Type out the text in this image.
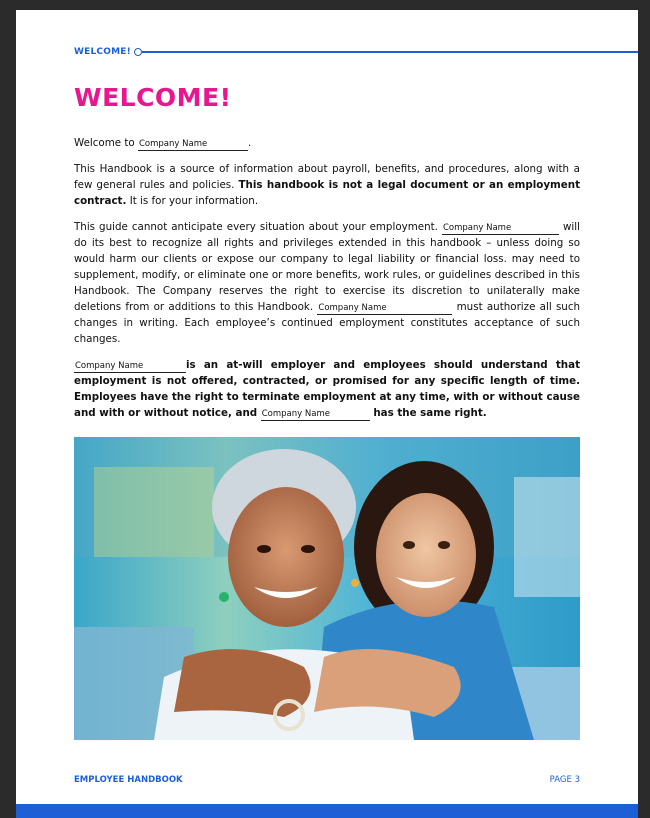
WELCOME!
WELCOME!

Welcome to Company Name	.

This Handbook is a source of information about payroll, benefits, and procedures, along with a few general rules and policies. This handbook is not a legal document or an employment contract. It is for your information.

This guide cannot anticipate every situation about your employment. Company Name	will do its best to recognize all rights and privileges extended in this handbook – unless doing so would harm our clients or expose our company to legal liability or financial loss. may need to supplement, modify, or eliminate one or more benefits, work rules, or guidelines described in this Handbook. The Company reserves the right to exercise its discretion to unilaterally make deletions from or additions to this Handbook. Company Name	must authorize all such changes in writing. Each employee’s continued employment constitutes acceptance of such changes.

Company Name	is an at-will employer and employees should understand that employment is not offered, contracted, or promised for any specific length of time. Employees have the right to terminate employment at any time, with or without cause and with or without notice, and Company Name	has the same right.

EMPLOYEE HANDBOOK	PAGE 3
